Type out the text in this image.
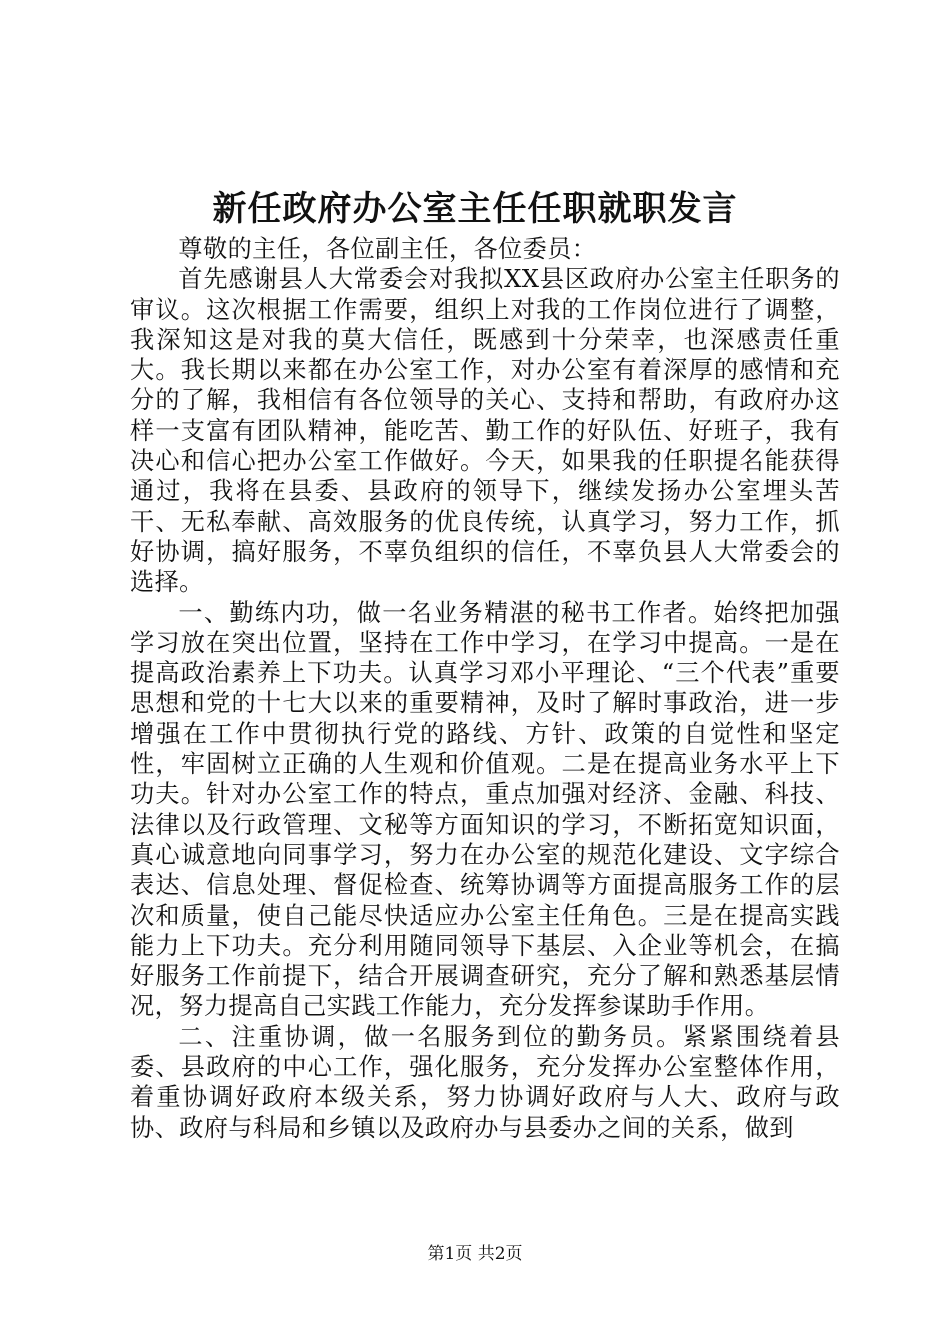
新任政府办公室主任任职就职发言

尊敬的主任，各位副主任，各位委员：

首先感谢县人大常委会对我拟XX县区政府办公室主任职务的审议。这次根据工作需要，组织上对我的工作岗位进行了调整，我深知这是对我的莫大信任，既感到十分荣幸，也深感责任重大。我长期以来都在办公室工作，对办公室有着深厚的感情和充分的了解，我相信有各位领导的关心、支持和帮助，有政府办这样一支富有团队精神，能吃苦、勤工作的好队伍、好班子，我有决心和信心把办公室工作做好。今天，如果我的任职提名能获得通过，我将在县委、县政府的领导下，继续发扬办公室埋头苦干、无私奉献、高效服务的优良传统，认真学习，努力工作，抓好协调，搞好服务，不辜负组织的信任，不辜负县人大常委会的选择。

一、勤练内功，做一名业务精湛的秘书工作者。始终把加强学习放在突出位置，坚持在工作中学习，在学习中提高。一是在提高政治素养上下功夫。认真学习邓小平理论、“三个代表”重要思想和党的十七大以来的重要精神，及时了解时事政治，进一步增强在工作中贯彻执行党的路线、方针、政策的自觉性和坚定性，牢固树立正确的人生观和价值观。二是在提高业务水平上下功夫。针对办公室工作的特点，重点加强对经济、金融、科技、法律以及行政管理、文秘等方面知识的学习，不断拓宽知识面，真心诚意地向同事学习，努力在办公室的规范化建设、文字综合表达、信息处理、督促检查、统筹协调等方面提高服务工作的层次和质量，使自己能尽快适应办公室主任角色。三是在提高实践能力上下功夫。充分利用随同领导下基层、入企业等机会，在搞好服务工作前提下，结合开展调查研究，充分了解和熟悉基层情况，努力提高自己实践工作能力，充分发挥参谋助手作用。

二、注重协调，做一名服务到位的勤务员。紧紧围绕着县委、县政府的中心工作，强化服务，充分发挥办公室整体作用，着重协调好政府本级关系，努力协调好政府与人大、政府与政协、政府与科局和乡镇以及政府办与县委办之间的关系，做到

第1页 共2页
